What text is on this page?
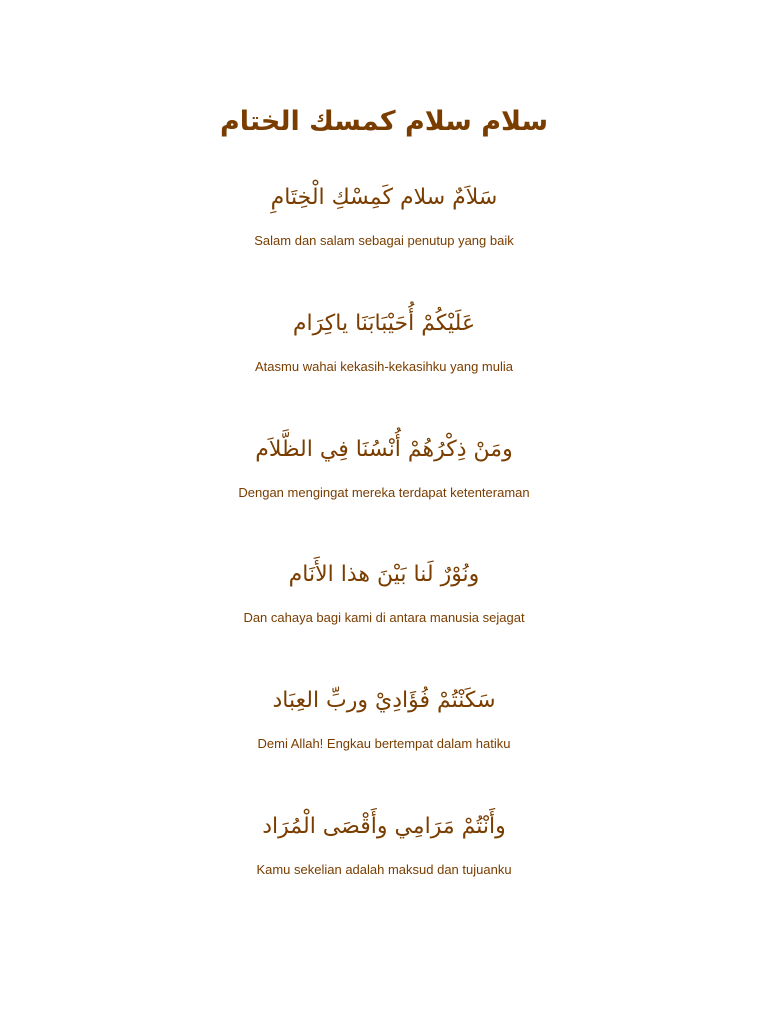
سلام سلام كمسك الختام
سَلاَمٌ سلام كَمِسْكِ الْخِتَامِ
Salam dan salam sebagai penutup yang baik
عَلَيْكُمْ أُحَيْبَابَنَا ياكِرَام
Atasmu wahai kekasih-kekasihku yang mulia
ومَنْ ذِكْرُهُمْ أُنْسُنَا فِي الظَّلاَم
Dengan mengingat mereka terdapat ketenteraman
ونُوْرٌ لَنا بَيْنَ هذا الأَنَام
Dan cahaya bagi kami di antara manusia sejagat
سَكَنْتُمْ فُؤَادِيْ وربِّ العِبَاد
Demi Allah! Engkau bertempat dalam hatiku
وأَنْتُمْ مَرَامِي وأَقْصَى الْمُرَاد
Kamu sekelian adalah maksud dan tujuanku
